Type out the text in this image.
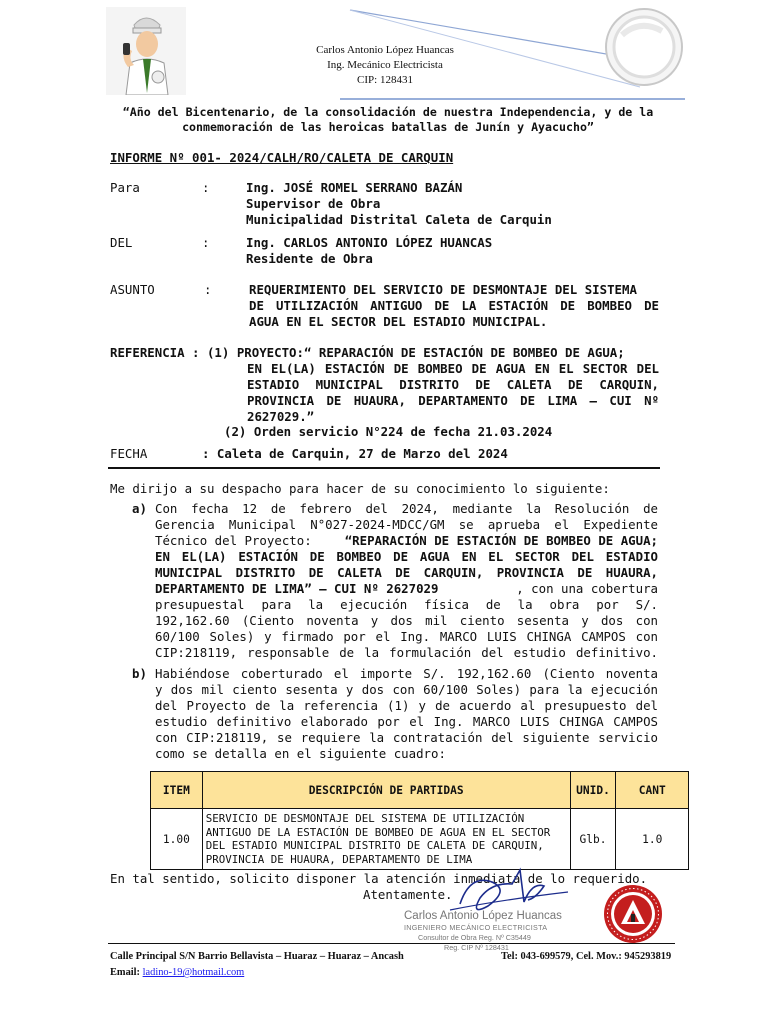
Carlos Antonio López Huancas
Ing. Mecánico Electricista
CIP: 128431
“Año del Bicentenario, de la consolidación de nuestra Independencia, y de la
conmemoración de las heroicas batallas de Junín y Ayacucho”
INFORME Nº 001- 2024/CALH/RO/CALETA DE CARQUIN
Para	:	Ing. JOSÉ ROMEL SERRANO BAZÁN
Supervisor de Obra
Municipalidad Distrital Caleta de Carquin
DEL	:	Ing. CARLOS ANTONIO LÓPEZ HUANCAS
Residente de Obra
ASUNTO	:	REQUERIMIENTO DEL SERVICIO DE DESMONTAJE DEL SISTEMA
DE UTILIZACIÓN ANTIGUO DE LA ESTACIÓN DE BOMBEO DE
AGUA EN EL SECTOR DEL ESTADIO MUNICIPAL.
REFERENCIA : (1) PROYECTO:“ REPARACIÓN DE ESTACIÓN DE BOMBEO DE AGUA;
EN EL(LA) ESTACIÓN DE BOMBEO DE AGUA EN EL SECTOR DEL
ESTADIO MUNICIPAL DISTRITO DE CALETA DE CARQUIN,
PROVINCIA DE HUAURA, DEPARTAMENTO DE LIMA – CUI Nº
2627029.”
(2) Orden servicio N°224 de fecha 21.03.2024
FECHA	: Caleta de Carquin, 27 de Marzo del 2024
Me dirijo a su despacho para hacer de su conocimiento lo siguiente:
a) Con fecha 12 de febrero del 2024, mediante la Resolución de
Gerencia Municipal N°027-2024-MDCC/GM se aprueba el Expediente
Técnico del Proyecto: “REPARACIÓN DE ESTACIÓN DE BOMBEO DE AGUA;
EN EL(LA) ESTACIÓN DE BOMBEO DE AGUA EN EL SECTOR DEL ESTADIO
MUNICIPAL DISTRITO DE CALETA DE CARQUIN, PROVINCIA DE HUAURA,
DEPARTAMENTO DE LIMA” – CUI Nº 2627029	, con una cobertura
presupuestal para la ejecución física de la obra por S/.
192,162.60 (Ciento noventa y dos mil ciento sesenta y dos con
60/100 Soles) y firmado por el Ing. MARCO LUIS CHINGA CAMPOS con
CIP:218119, responsable de la formulación del estudio definitivo.
b) Habiéndose coberturado el importe S/. 192,162.60 (Ciento noventa
y dos mil ciento sesenta y dos con 60/100 Soles) para la ejecución
del Proyecto de la referencia (1) y de acuerdo al presupuesto del
estudio definitivo elaborado por el Ing. MARCO LUIS CHINGA CAMPOS
con CIP:218119, se requiere la contratación del siguiente servicio
como se detalla en el siguiente cuadro:
ITEM	DESCRIPCIÓN DE PARTIDAS	UNID.	CANT
1.00	SERVICIO DE DESMONTAJE DEL SISTEMA DE UTILIZACIÓN
ANTIGUO DE LA ESTACIÓN DE BOMBEO DE AGUA EN EL SECTOR
DEL ESTADIO MUNICIPAL DISTRITO DE CALETA DE CARQUIN,
PROVINCIA DE HUAURA, DEPARTAMENTO DE LIMA	Glb.	1.0
En tal sentido, solicito disponer la atención inmediata de lo requerido.
Atentamente.
Carlos Antonio López Huancas
INGENIERO MECÁNICO ELECTRICISTA
Consultor de Obra Reg. Nº C35449
Reg. CIP Nº 128431
Calle Principal S/N Barrio Bellavista – Huaraz – Huaraz – Ancash	Tel: 043-699579, Cel. Mov.: 945293819
Email: ladino-19@hotmail.com
